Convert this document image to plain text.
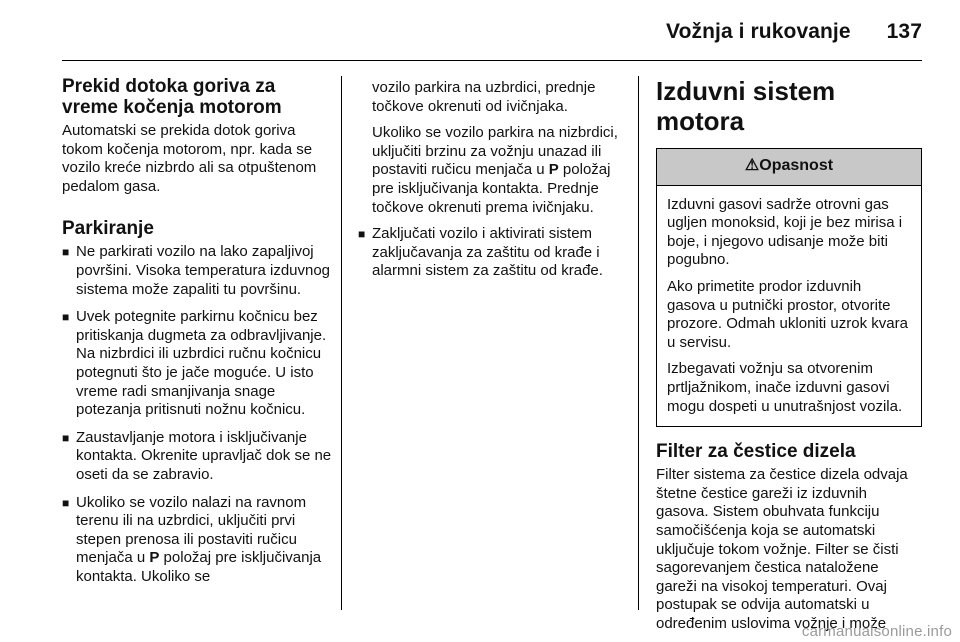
Vožnja i rukovanje 137
Prekid dotoka goriva za vreme kočenja motorom

Automatski se prekida dotok goriva tokom kočenja motorom, npr. kada se vozilo kreće nizbrdo ali sa otpuštenom pedalom gasa.

Parkiranje
■ Ne parkirati vozilo na lako zapaljivoj površini. Visoka temperatura izduvnog sistema može zapaliti tu površinu.
■ Uvek potegnite parkirnu kočnicu bez pritiskanja dugmeta za odbravljivanje. Na nizbrdici ili uzbrdici ručnu kočnicu potegnuti što je jače moguće. U isto vreme radi smanjivanja snage potezanja pritisnuti nožnu kočnicu.
■ Zaustavljanje motora i isključivanje kontakta. Okrenite upravljač dok se ne oseti da se zabravio.
■ Ukoliko se vozilo nalazi na ravnom terenu ili na uzbrdici, uključiti prvi stepen prenosa ili postaviti ručicu menjača u P položaj pre isključivanja kontakta. Ukoliko se

vozilo parkira na uzbrdici, prednje točkove okrenuti od ivičnjaka.

Ukoliko se vozilo parkira na nizbrdici, uključiti brzinu za vožnju unazad ili postaviti ručicu menjača u P položaj pre isključivanja kontakta. Prednje točkove okrenuti prema ivičnjaku.

■ Zaključati vozilo i aktivirati sistem zaključavanja za zaštitu od krađe i alarmni sistem za zaštitu od krađe.
Izduvni sistem motora
⚠Opasnost

Izduvni gasovi sadrže otrovni gas ugljen monoksid, koji je bez mirisa i boje, i njegovo udisanje može biti pogubno.

Ako primetite prodor izduvnih gasova u putnički prostor, otvorite prozore. Odmah ukloniti uzrok kvara u servisu.

Izbegavati vožnju sa otvorenim prtljažnikom, inače izduvni gasovi mogu dospeti u unutrašnjost vozila.

Filter za čestice dizela

Filter sistema za čestice dizela odvaja štetne čestice gareži iz izduvnih gasova. Sistem obuhvata funkciju samočišćenja koja se automatski uključuje tokom vožnje. Filter se čisti sagorevanjem čestica nataložene gareži na visokoj temperaturi. Ovaj postupak se odvija automatski u određenim uslovima vožnje i može

carmanualsonline.info
